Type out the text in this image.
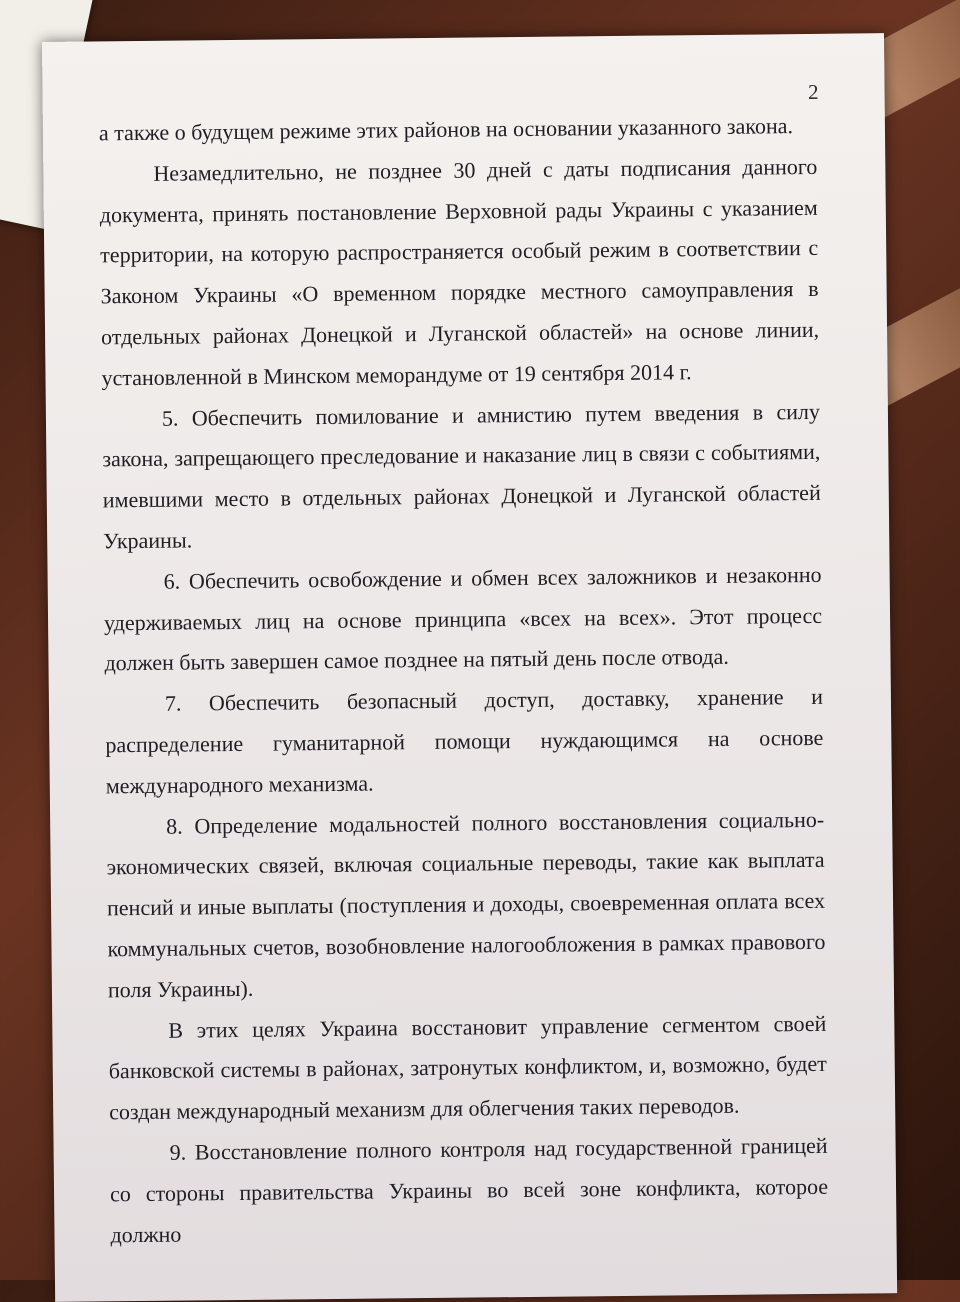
2

а также о будущем режиме этих районов на основании указанного закона.

Незамедлительно, не позднее 30 дней с даты подписания данного документа, принять постановление Верховной рады Украины с указанием территории, на которую распространяется особый режим в соответствии с Законом Украины «О временном порядке местного самоуправления в отдельных районах Донецкой и Луганской областей» на основе линии, установленной в Минском меморандуме от 19 сентября 2014 г.

5. Обеспечить помилование и амнистию путем введения в силу закона, запрещающего преследование и наказание лиц в связи с событиями, имевшими место в отдельных районах Донецкой и Луганской областей Украины.

6. Обеспечить освобождение и обмен всех заложников и незаконно удерживаемых лиц на основе принципа «всех на всех». Этот процесс должен быть завершен самое позднее на пятый день после отвода.

7. Обеспечить безопасный доступ, доставку, хранение и распределение гуманитарной помощи нуждающимся на основе международного механизма.

8. Определение модальностей полного восстановления социально-экономических связей, включая социальные переводы, такие как выплата пенсий и иные выплаты (поступления и доходы, своевременная оплата всех коммунальных счетов, возобновление налогообложения в рамках правового поля Украины).

В этих целях Украина восстановит управление сегментом своей банковской системы в районах, затронутых конфликтом, и, возможно, будет создан международный механизм для облегчения таких переводов.

9. Восстановление полного контроля над государственной границей со стороны правительства Украины во всей зоне конфликта, которое должно
